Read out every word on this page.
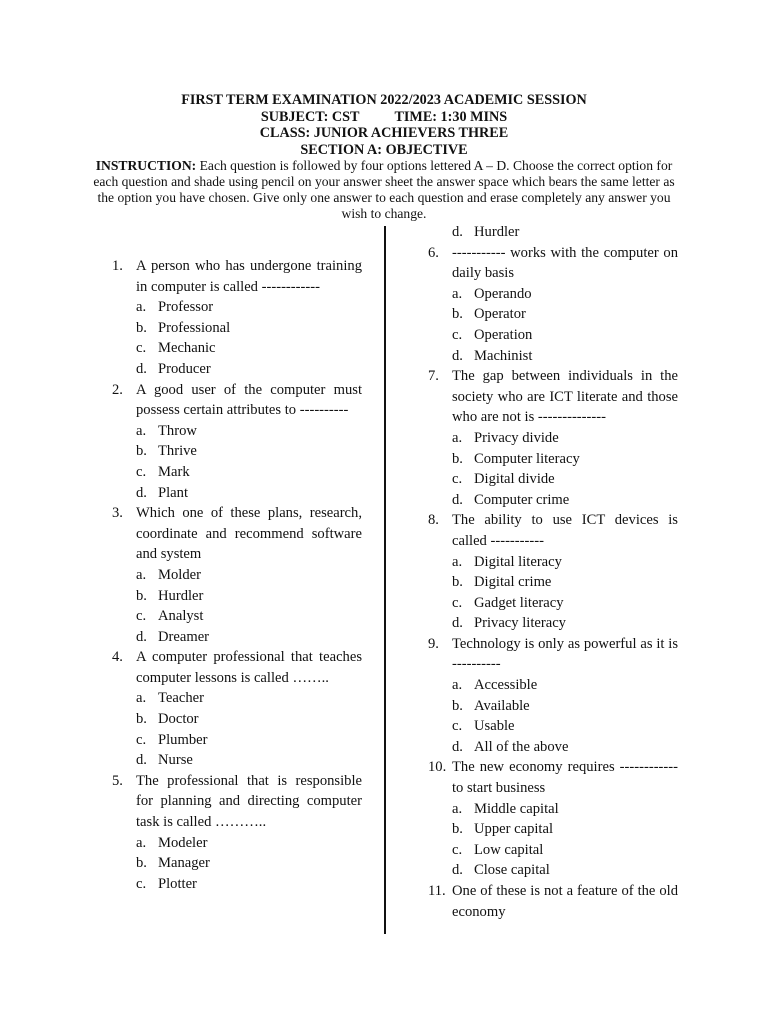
FIRST TERM EXAMINATION 2022/2023 ACADEMIC SESSION
SUBJECT: CST          TIME: 1:30 MINS
CLASS: JUNIOR ACHIEVERS THREE
SECTION A: OBJECTIVE
INSTRUCTION: Each question is followed by four options lettered A – D. Choose the correct option for each question and shade using pencil on your answer sheet the answer space which bears the same letter as the option you have chosen. Give only one answer to each question and erase completely any answer you wish to change.
1. A person who has undergone training in computer is called ------------
a. Professor
b. Professional
c. Mechanic
d. Producer
2. A good user of the computer must possess certain attributes to ----------
a. Throw
b. Thrive
c. Mark
d. Plant
3. Which one of these plans, research, coordinate and recommend software and system
a. Molder
b. Hurdler
c. Analyst
d. Dreamer
4. A computer professional that teaches computer lessons is called ……..
a. Teacher
b. Doctor
c. Plumber
d. Nurse
5. The professional that is responsible for planning and directing computer task is called ………..
a. Modeler
b. Manager
c. Plotter
d. Hurdler
6. ----------- works with the computer on daily basis
a. Operando
b. Operator
c. Operation
d. Machinist
7. The gap between individuals in the society who are ICT literate and those who are not is --------------
a. Privacy divide
b. Computer literacy
c. Digital divide
d. Computer crime
8. The ability to use ICT devices is called -----------
a. Digital literacy
b. Digital crime
c. Gadget literacy
d. Privacy literacy
9. Technology is only as powerful as it is ----------
a. Accessible
b. Available
c. Usable
d. All of the above
10. The new economy requires ------------ to start business
a. Middle capital
b. Upper capital
c. Low capital
d. Close capital
11. One of these is not a feature of the old economy
